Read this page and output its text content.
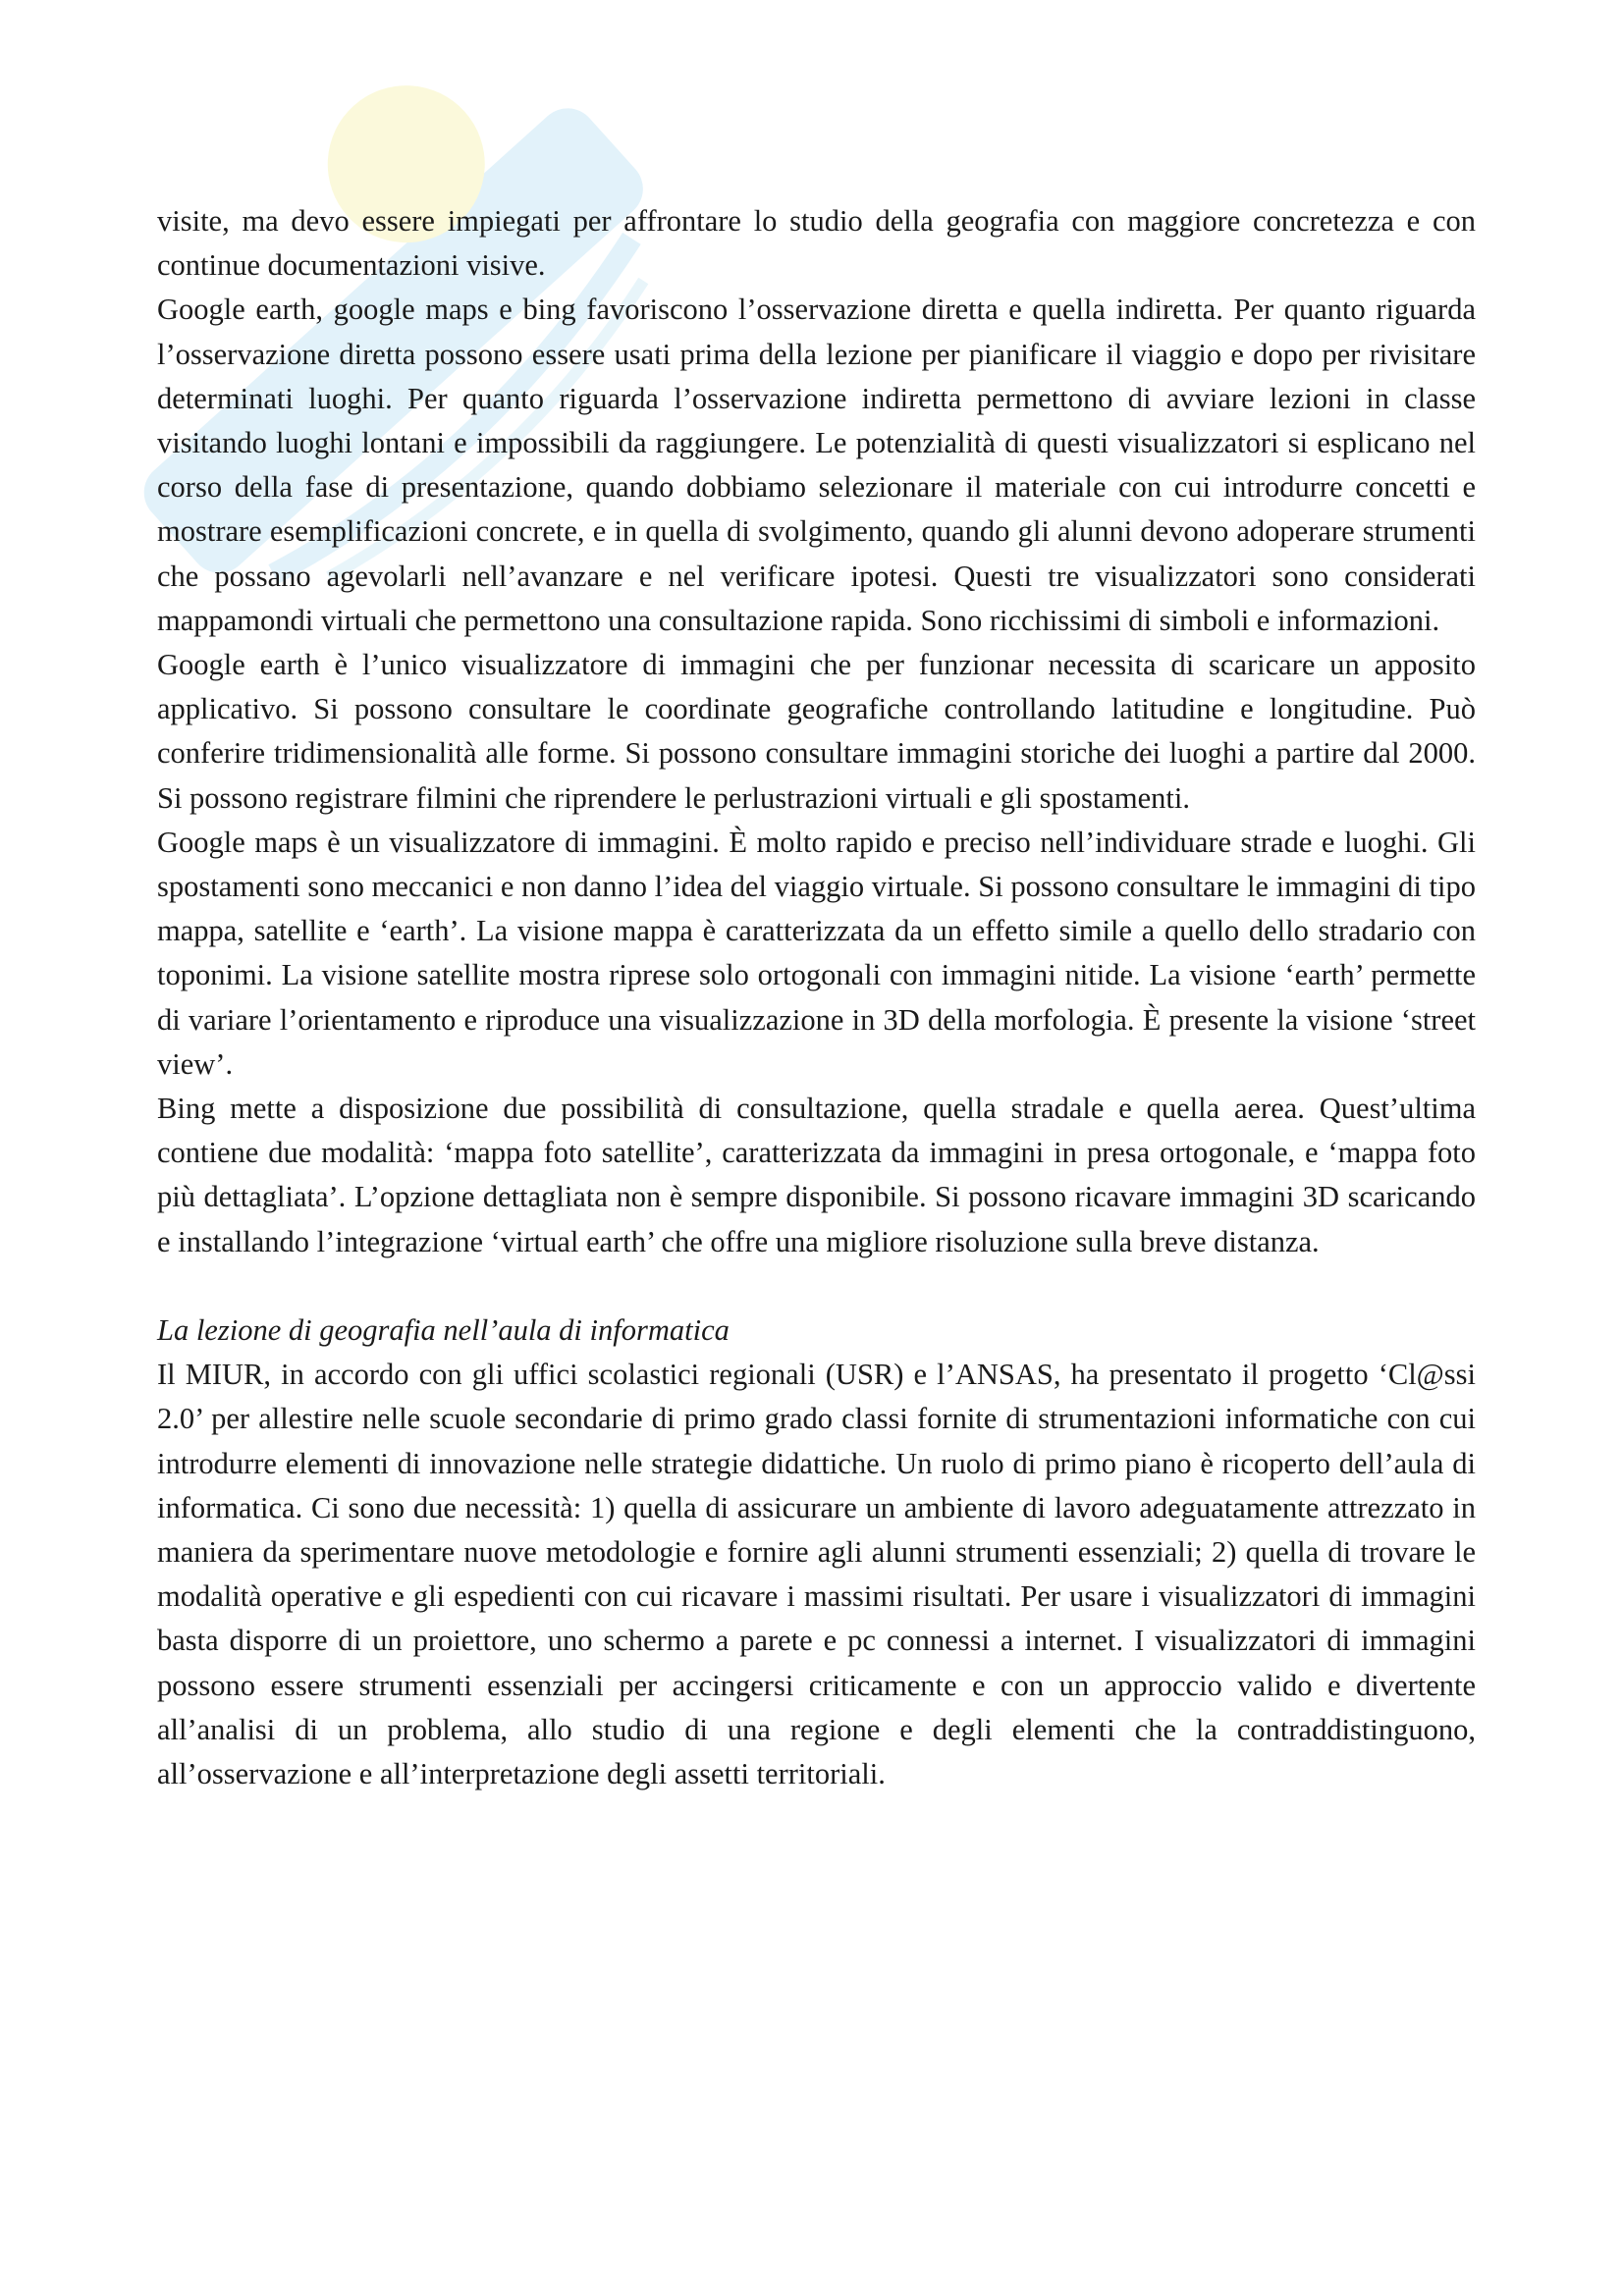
visite, ma devo essere impiegati per affrontare lo studio della geografia con maggiore concretezza e con continue documentazioni visive.

Google earth, google maps e bing favoriscono l’osservazione diretta e quella indiretta. Per quanto riguarda l’osservazione diretta possono essere usati prima della lezione per pianificare il viaggio e dopo per rivisitare determinati luoghi. Per quanto riguarda l’osservazione indiretta permettono di avviare lezioni in classe visitando luoghi lontani e impossibili da raggiungere. Le potenzialità di questi visualizzatori si esplicano nel corso della fase di presentazione, quando dobbiamo selezionare il materiale con cui introdurre concetti e mostrare esemplificazioni concrete, e in quella di svolgimento, quando gli alunni devono adoperare strumenti che possano agevolarli nell’avanzare e nel verificare ipotesi. Questi tre visualizzatori sono considerati mappamondi virtuali che permettono una consultazione rapida. Sono ricchissimi di simboli e informazioni.

Google earth è l’unico visualizzatore di immagini che per funzionar necessita di scaricare un apposito applicativo. Si possono consultare le coordinate geografiche controllando latitudine e longitudine. Può conferire tridimensionalità alle forme. Si possono consultare immagini storiche dei luoghi a partire dal 2000. Si possono registrare filmini che riprendere le perlustrazioni virtuali e gli spostamenti.

Google maps è un visualizzatore di immagini. È molto rapido e preciso nell’individuare strade e luoghi. Gli spostamenti sono meccanici e non danno l’idea del viaggio virtuale. Si possono consultare le immagini di tipo mappa, satellite e ‘earth’. La visione mappa è caratterizzata da un effetto simile a quello dello stradario con toponimi. La visione satellite mostra riprese solo ortogonali con immagini nitide. La visione ‘earth’ permette di variare l’orientamento e riproduce una visualizzazione in 3D della morfologia. È presente la visione ‘street view’.

Bing mette a disposizione due possibilità di consultazione, quella stradale e quella aerea. Quest’ultima contiene due modalità: ‘mappa foto satellite’, caratterizzata da immagini in presa ortogonale, e ‘mappa foto più dettagliata’. L’opzione dettagliata non è sempre disponibile. Si possono ricavare immagini 3D scaricando e installando l’integrazione ‘virtual earth’ che offre una migliore risoluzione sulla breve distanza.

La lezione di geografia nell’aula di informatica

Il MIUR, in accordo con gli uffici scolastici regionali (USR) e l’ANSAS, ha presentato il progetto ‘Cl@ssi 2.0’ per allestire nelle scuole secondarie di primo grado classi fornite di strumentazioni informatiche con cui introdurre elementi di innovazione nelle strategie didattiche. Un ruolo di primo piano è ricoperto dell’aula di informatica. Ci sono due necessità: 1) quella di assicurare un ambiente di lavoro adeguatamente attrezzato in maniera da sperimentare nuove metodologie e fornire agli alunni strumenti essenziali; 2) quella di trovare le modalità operative e gli espedienti con cui ricavare i massimi risultati. Per usare i visualizzatori di immagini basta disporre di un proiettore, uno schermo a parete e pc connessi a internet. I visualizzatori di immagini possono essere strumenti essenziali per accingersi criticamente e con un approccio valido e divertente all’analisi di un problema, allo studio di una regione e degli elementi che la contraddistinguono, all’osservazione e all’interpretazione degli assetti territoriali.
